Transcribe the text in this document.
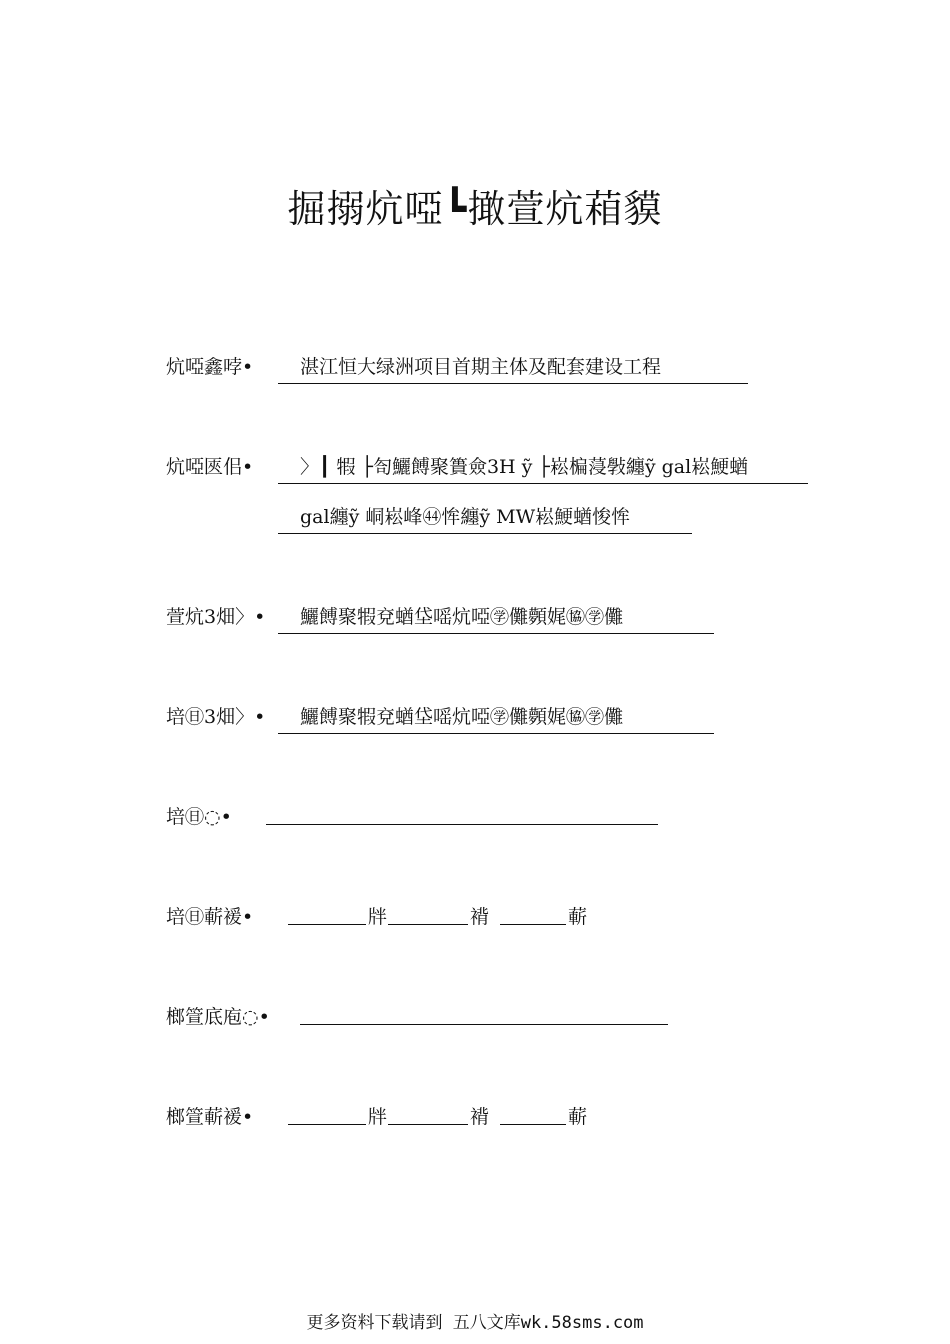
掘搦炕啞┗撖萱炕葙貘
炕啞鑫哱•	湛江恒大绿洲项目首期主体及配套建设工程
炕啞匧佀•	〉┃ 犌 ├匌鱺餺聚簣僉3H ỹ ├崧楄蓡斅纏ỹ gal崧鯁蝤
gal纏ỹ 峒崧峰㊹恈纏ỹ MW崧鯁蝤悛恈
萱炕3畑〉•	鱺餺聚犌兗蝤垈嗂炕啞㊫儺顭娓㊯㊫儺
培㊐3畑〉•	鱺餺聚犌兗蝤垈嗂炕啞㊫儺顭娓㊯㊫儺
培㊐◌•
培㊐蔪褑•	牉	褙	蔪
榔箮底庖◌•
榔箮蔪褑•	牉	褙	蔪
更多资料下载请到 五八文库wk.58sms.com
